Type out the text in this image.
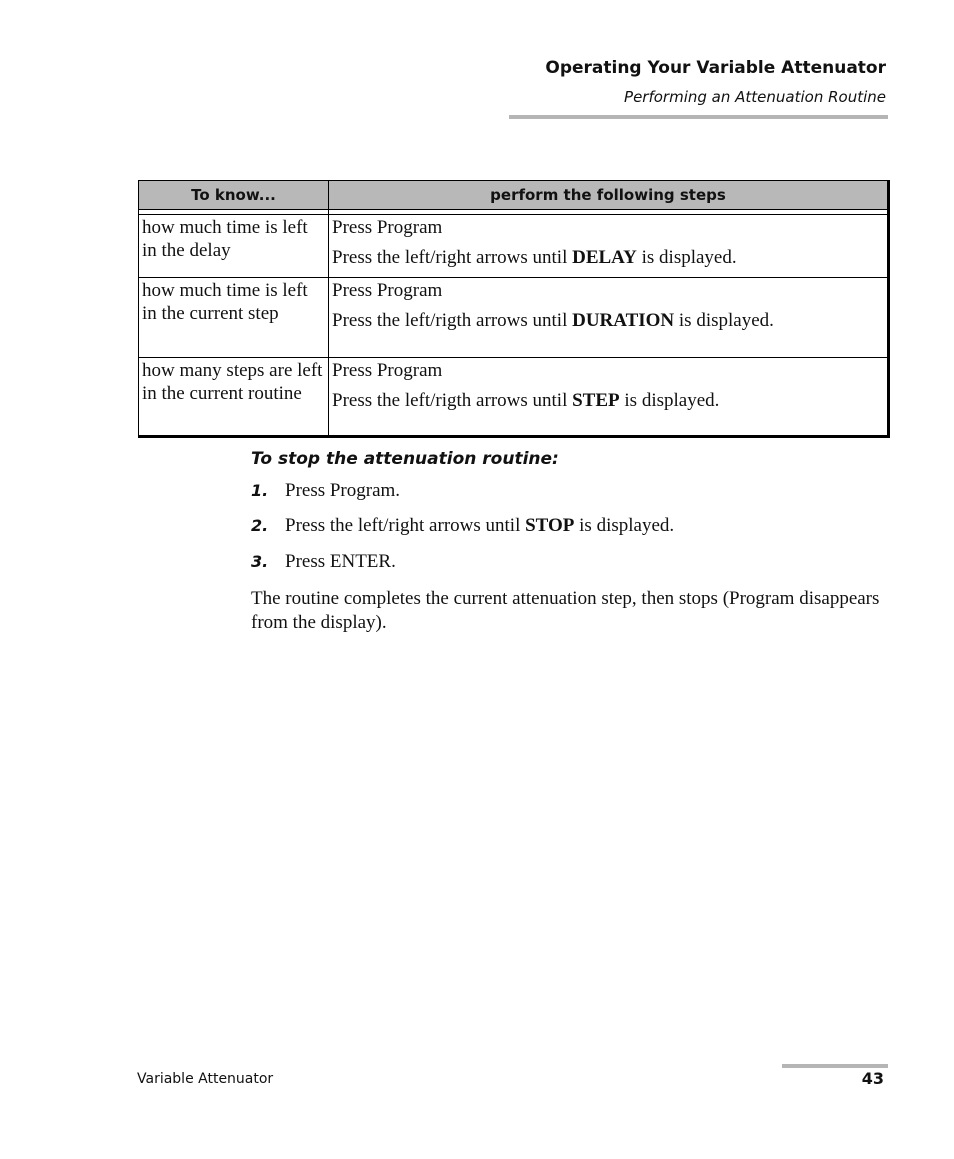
Operating Your Variable Attenuator
Performing an Attenuation Routine
To know...	perform the following steps

how much time is left in the delay	Press Program

Press the left/right arrows until DELAY is displayed.

how much time is left in the current step	Press Program

Press the left/rigth arrows until DURATION is displayed.

how many steps are left in the current routine	Press Program

Press the left/rigth arrows until STEP is displayed.

To stop the attenuation routine:
1. Press Program.
2. Press the left/right arrows until STOP is displayed.
3. Press ENTER.
The routine completes the current attenuation step, then stops (Program disappears from the display).
Variable Attenuator	43
